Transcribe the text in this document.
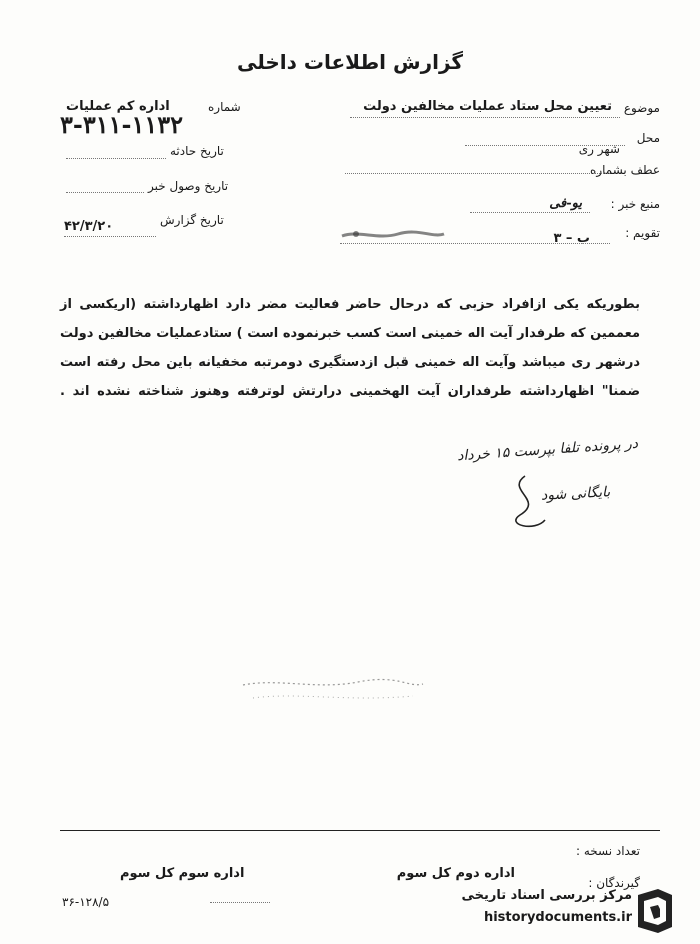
گزارش اطلاعات داخلی
موضوع
تعیین محل ستاد عملیات مخالفین دولت
محل
شهر ری
عطف بشماره
منبع خبر :
یو-فی
تقویم :
ب – ۳
شماره
اداره کم عملیات
۳-۳۱۱-۱۱۳۲
تاریخ حادثه
تاریخ وصول خبر
تاریخ گزارش
۴۲/۳/۲۰
بطوریکه یکی ازافراد حزبی که درحال حاضر فعالیت مضر دارد اظهارداشته (اریکسی از
معممین که طرفدار آیت اله خمینی است کسب خبرنموده است ) ستادعملیات مخالفین دولت
درشهر ری میباشد وآیت اله خمینی قبل ازدستگیری دومرتبه مخفیانه باین محل رفته است
ضمنا" اظهارداشته طرفداران آیت الهخمینی درارتش لوترفته وهنوز شناخته نشده اند .
در پرونده تلفا بپرست ۱۵ خرداد
بایگانی شود
تعداد نسخه :
گیرندگان :
اداره دوم کل سوم
اداره سوم کل سوم
۳۶-۱۲۸/۵	مرکز بررسی اسناد تاریخی
historydocuments.ir
